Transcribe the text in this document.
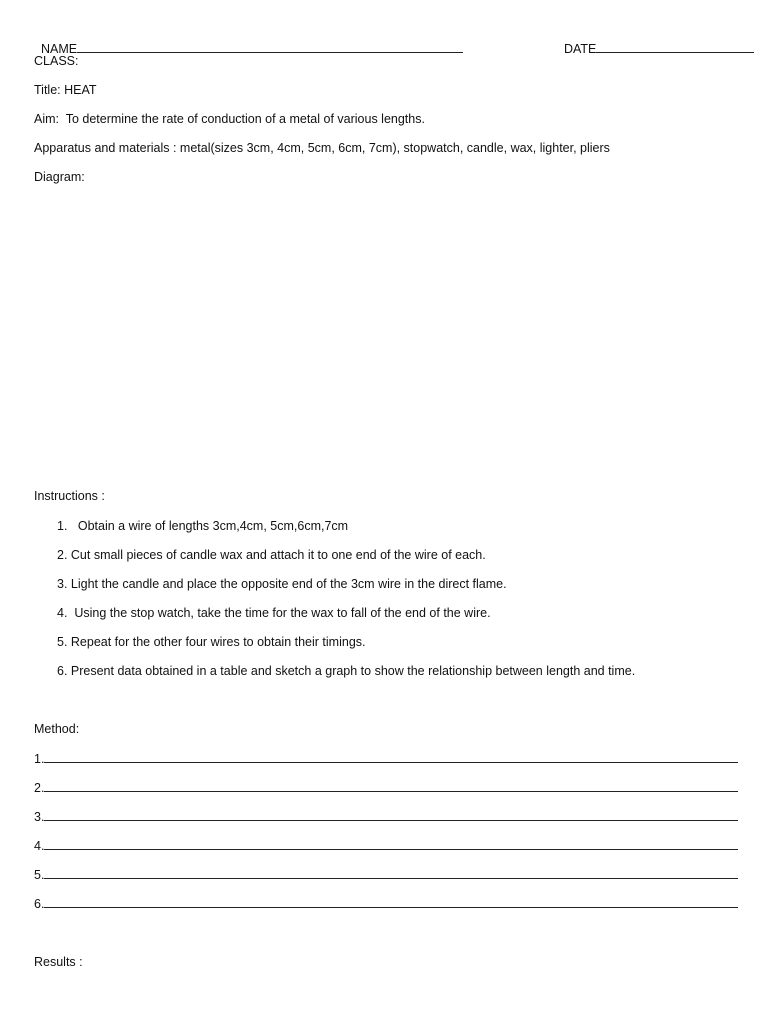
NAME	DATE

CLASS:
Title: HEAT
Aim:  To determine the rate of conduction of a metal of various lengths.
Apparatus and materials : metal(sizes 3cm, 4cm, 5cm, 6cm, 7cm), stopwatch, candle, wax, lighter, pliers
Diagram:
Instructions :
1.   Obtain a wire of lengths 3cm,4cm, 5cm,6cm,7cm
2. Cut small pieces of candle wax and attach it to one end of the wire of each.
3. Light the candle and place the opposite end of the 3cm wire in the direct flame.
4.  Using the stop watch, take the time for the wax to fall of the end of the wire.
5. Repeat for the other four wires to obtain their timings.
6. Present data obtained in a table and sketch a graph to show the relationship between length and time.
Method:
1.
2.
3.
4.
5.
6.
Results :
